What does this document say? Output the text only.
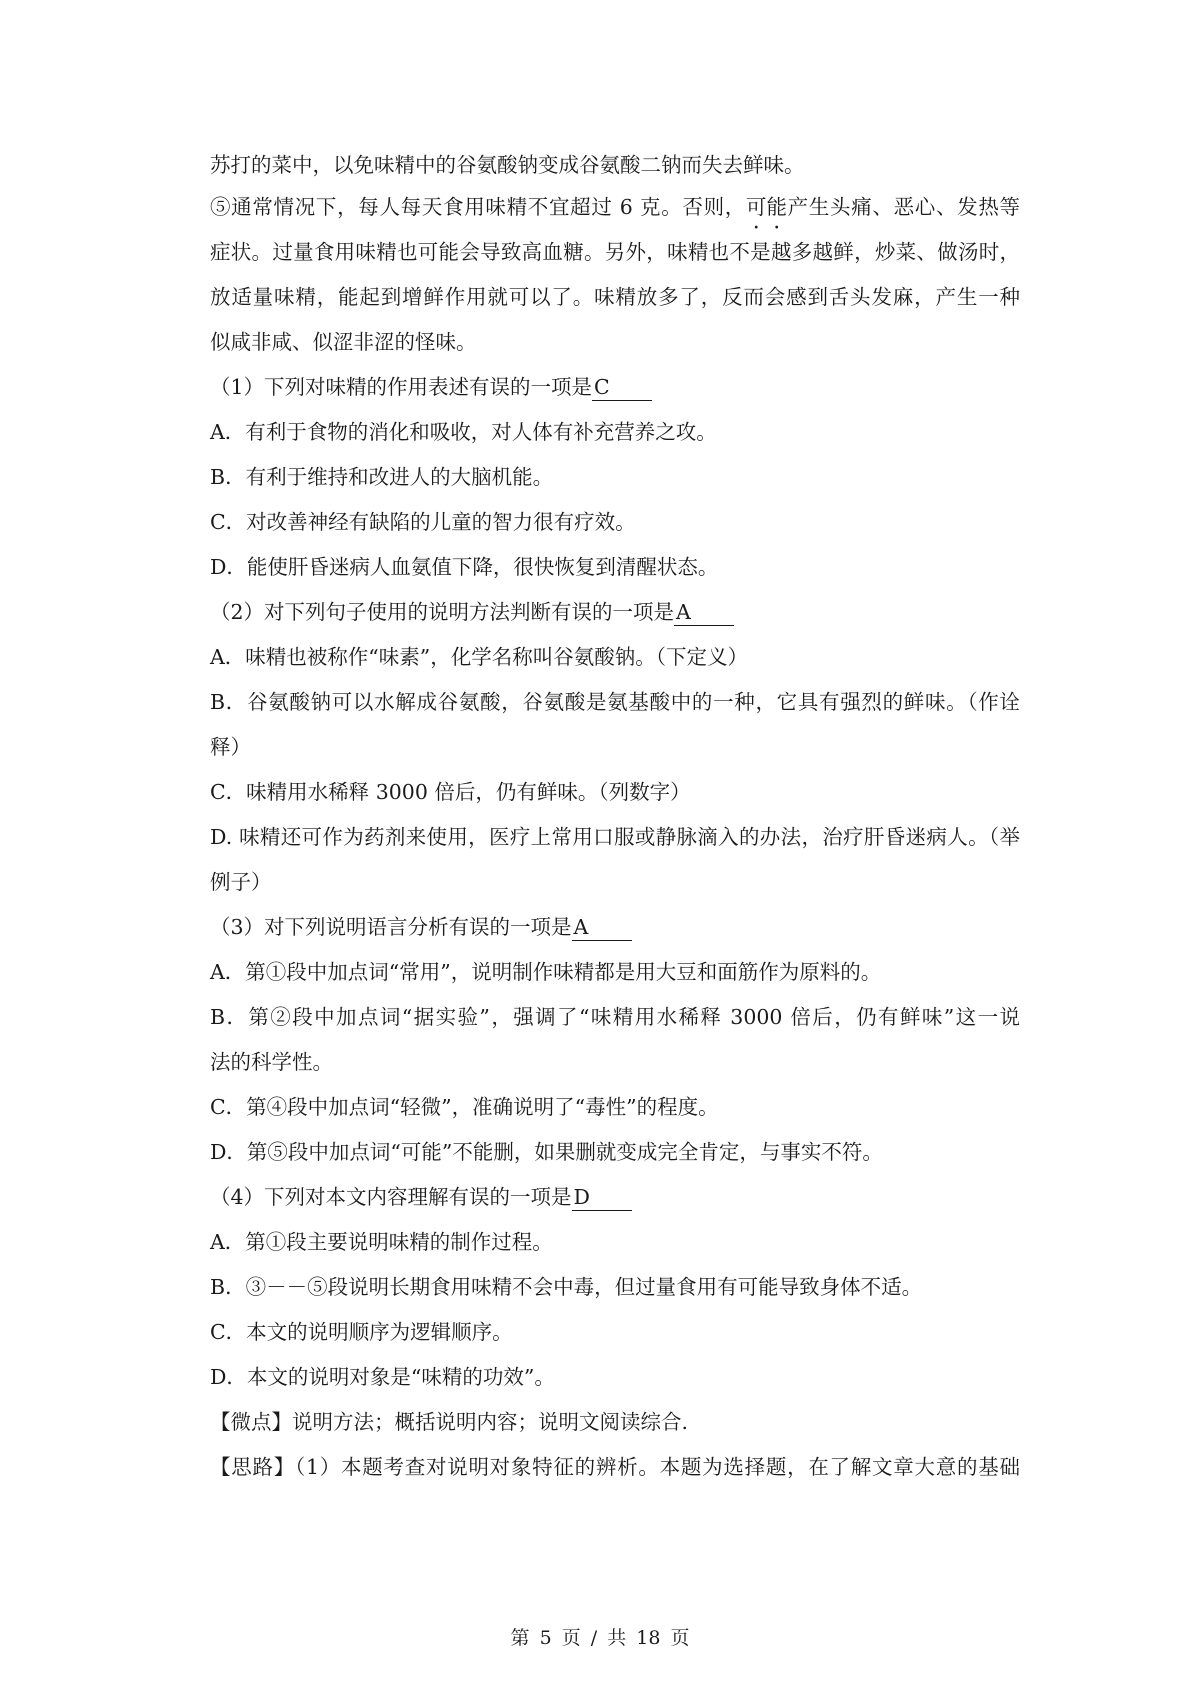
苏打的菜中，以免味精中的谷氨酸钠变成谷氨酸二钠而失去鲜味。
⑤通常情况下，每人每天食用味精不宜超过 6 克。否则，可能产生头痛、恶心、发热等
症状。过量食用味精也可能会导致高血糖。另外，味精也不是越多越鲜，炒菜、做汤时，
放适量味精，能起到增鲜作用就可以了。味精放多了，反而会感到舌头发麻，产生一种
似咸非咸、似涩非涩的怪味。
（1）下列对味精的作用表述有误的一项是C
A．有利于食物的消化和吸收，对人体有补充营养之攻。
B．有利于维持和改进人的大脑机能。
C．对改善神经有缺陷的儿童的智力很有疗效。
D．能使肝昏迷病人血氨值下降，很快恢复到清醒状态。
（2）对下列句子使用的说明方法判断有误的一项是A
A．味精也被称作“味素”，化学名称叫谷氨酸钠。（下定义）
B．谷氨酸钠可以水解成谷氨酸，谷氨酸是氨基酸中的一种，它具有强烈的鲜味。（作诠
释）
C．味精用水稀释 3000 倍后，仍有鲜味。（列数字）
D. 味精还可作为药剂来使用，医疗上常用口服或静脉滴入的办法，治疗肝昏迷病人。（举
例子）
（3）对下列说明语言分析有误的一项是A
A．第①段中加点词“常用”，说明制作味精都是用大豆和面筋作为原料的。
B．第②段中加点词“据实验”，强调了“味精用水稀释 3000 倍后，仍有鲜味”这一说
法的科学性。
C．第④段中加点词“轻微”，准确说明了“毒性”的程度。
D．第⑤段中加点词“可能”不能删，如果删就变成完全肯定，与事实不符。
（4）下列对本文内容理解有误的一项是D
A．第①段主要说明味精的制作过程。
B．③－－⑤段说明长期食用味精不会中毒，但过量食用有可能导致身体不适。
C．本文的说明顺序为逻辑顺序。
D．本文的说明对象是“味精的功效”。
【微点】说明方法；概括说明内容；说明文阅读综合.
【思路】（1）本题考查对说明对象特征的辨析。本题为选择题，在了解文章大意的基础
第 5 页 / 共 18 页
